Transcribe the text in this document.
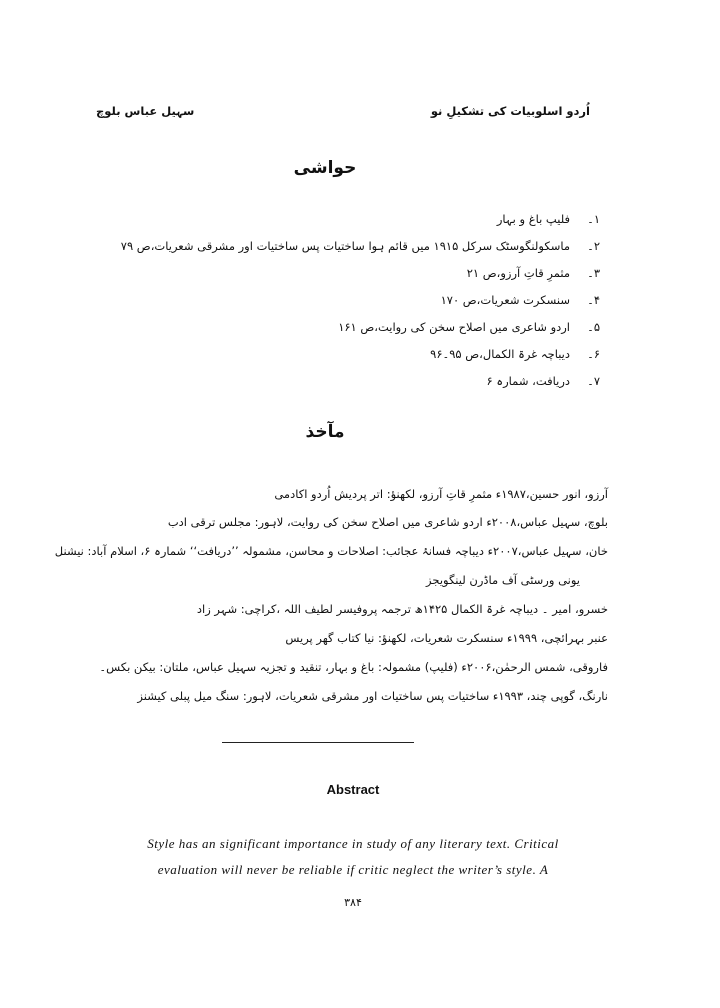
سہیل عباس بلوچ	اُردو اسلوبیات کی تشکیلِ نو
حواشی
۱۔
فلیپ باغ و بہار
۲۔
ماسکولنگوسٹک سرکل ۱۹۱۵ میں قائم ہوا ساختیات پس ساختیات اور مشرقی شعریات،ص ۷۹
۳۔
مثمرِ قاتِ آرزو،ص ۲۱
۴۔
سنسکرت شعریات،ص ۱۷۰
۵۔
اردو شاعری میں اصلاح سخن کی روایت،ص ۱۶۱
۶۔
دیباچہ غرۃ الکمال،ص ۹۵۔۹۶
۷۔
دریافت، شمارہ ۶
مآخذ
آرزو، انور حسین،۱۹۸۷ء مثمرِ قاتِ آرزو، لکھنؤ: اتر پردیش اُردو اکادمی
بلوچ، سہیل عباس،۲۰۰۸ء اردو شاعری میں اصلاح سخن کی روایت، لاہور: مجلس ترقی ادب
خان، سہیل عباس،۲۰۰۷ء دیباچہ فسانۂ عجائب: اصلاحات و محاسن، مشمولہ ’’دریافت‘‘ شمارہ ۶، اسلام آباد: نیشنل
یونی ورسٹی آف ماڈرن لینگویجز
خسرو، امیر ۔ دیباچہ غرۃ الکمال ۱۴۲۵ھ ترجمہ پروفیسر لطیف اللہ ،کراچی: شہر زاد
عنبر بہرائچی، ۱۹۹۹ء سنسکرت شعریات، لکھنؤ: نیا کتاب گھر پریس
فاروقی، شمس الرحمٰن،۲۰۰۶ء (فلیپ) مشمولہ: باغ و بہار، تنقید و تجزیہ سہیل عباس، ملتان: بیکن بکس۔
نارنگ، گوپی چند، ۱۹۹۳ء ساختیات پس ساختیات اور مشرقی شعریات، لاہور: سنگ میل پبلی کیشنز
Abstract
Style has an significant importance in study of any literary text. Critical
evaluation will never be reliable if critic neglect the writer’s style. A
۳۸۴
